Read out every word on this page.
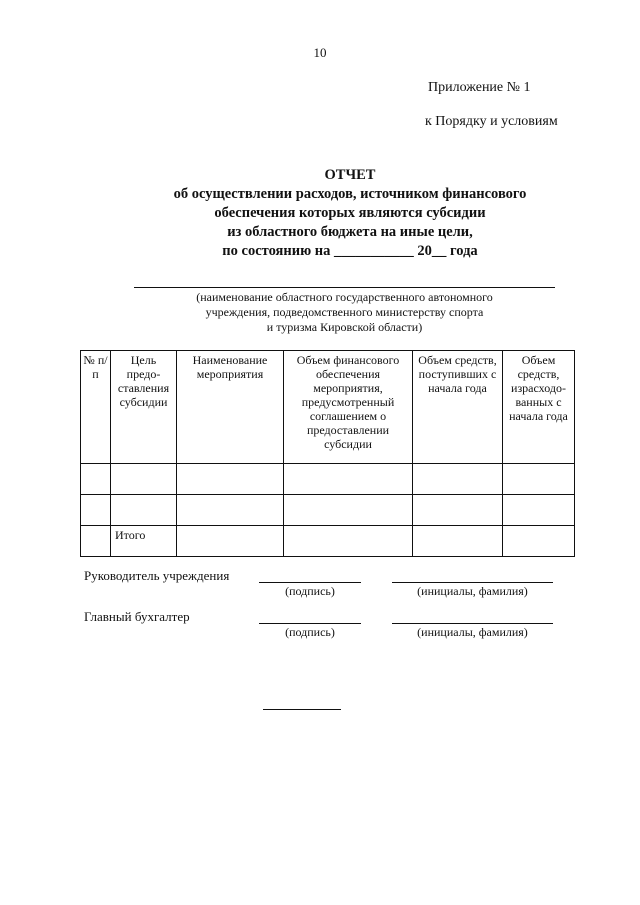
10
Приложение № 1
к Порядку и условиям
ОТЧЕТ
об осуществлении расходов, источником финансового
обеспечения которых являются субсидии
из областного бюджета на иные цели,
по состоянию на ___________ 20__ года
(наименование областного государственного автономного
учреждения, подведомственного министерству спорта
и туризма Кировской области)
№ п/п	Цель предо-ставления субсидии	Наименование мероприятия	Объем финансового обеспечения мероприятия, предусмотренный соглашением о предоставлении субсидии	Объем средств, поступивших с начала года	Объем средств, израсходо-ванных с начала года

	Итого				
Руководитель учреждения
(подпись)	(инициалы, фамилия)
Главный бухгалтер
(подпись)	(инициалы, фамилия)
